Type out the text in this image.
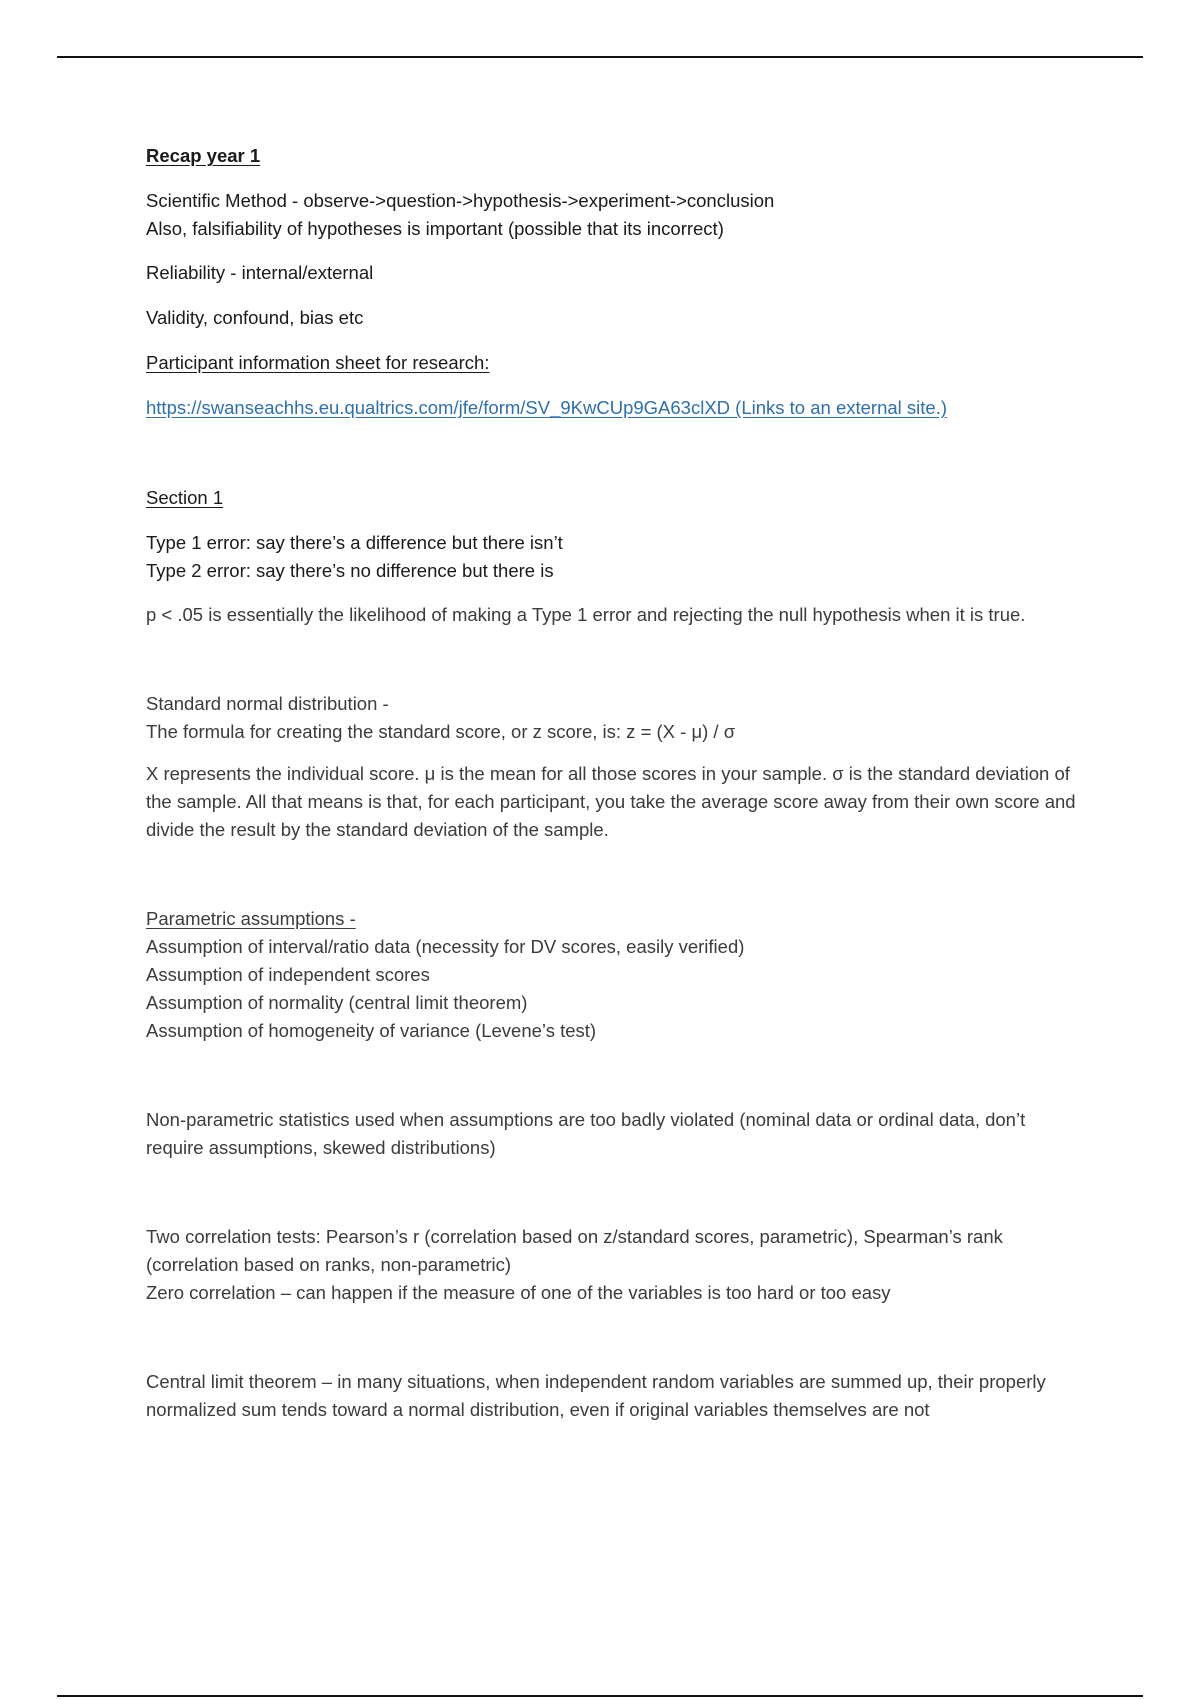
Recap year 1
Scientific Method - observe->question->hypothesis->experiment->conclusion
Also, falsifiability of hypotheses is important (possible that its incorrect)
Reliability - internal/external
Validity, confound, bias etc
Participant information sheet for research:
https://swanseachhs.eu.qualtrics.com/jfe/form/SV_9KwCUp9GA63clXD (Links to an external site.)
Section 1
Type 1 error: say there’s a difference but there isn’t
Type 2 error: say there’s no difference but there is
p < .05 is essentially the likelihood of making a Type 1 error and rejecting the null hypothesis when it is true.
Standard normal distribution -
The formula for creating the standard score, or z score, is: z = (X - μ) / σ
X represents the individual score. μ is the mean for all those scores in your sample. σ is the standard deviation of the sample. All that means is that, for each participant, you take the average score away from their own score and divide the result by the standard deviation of the sample.
Parametric assumptions -
Assumption of interval/ratio data (necessity for DV scores, easily verified)
Assumption of independent scores
Assumption of normality (central limit theorem)
Assumption of homogeneity of variance (Levene’s test)
Non-parametric statistics used when assumptions are too badly violated (nominal data or ordinal data, don’t require assumptions, skewed distributions)
Two correlation tests: Pearson’s r (correlation based on z/standard scores, parametric), Spearman’s rank (correlation based on ranks, non-parametric)
Zero correlation – can happen if the measure of one of the variables is too hard or too easy
Central limit theorem – in many situations, when independent random variables are summed up, their properly normalized sum tends toward a normal distribution, even if original variables themselves are not
